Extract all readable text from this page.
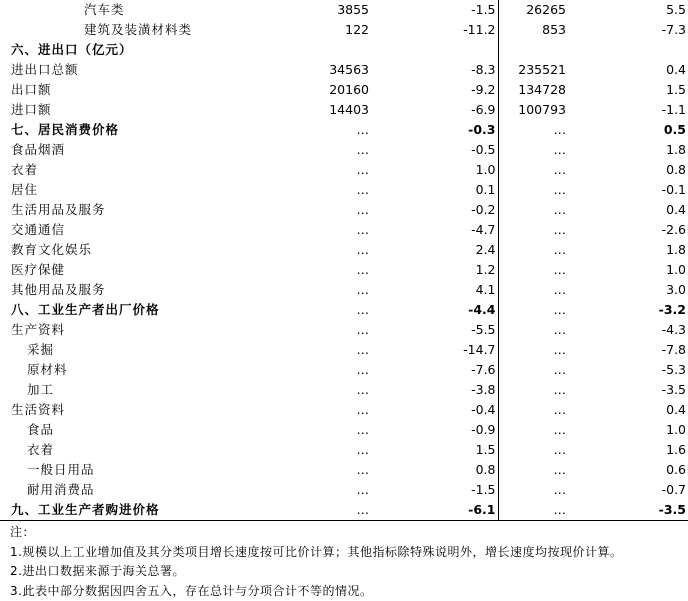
汽车类	3855	-1.5	26265	5.5
建筑及装潢材料类	122	-11.2	853	-7.3
六、进出口（亿元）				
进出口总额	34563	-8.3	235521	0.4
出口额	20160	-9.2	134728	1.5
进口额	14403	-6.9	100793	-1.1
七、居民消费价格	…	-0.3	…	0.5
食品烟酒	…	-0.5	…	1.8
衣着	…	1.0	…	0.8
居住	…	0.1	…	-0.1
生活用品及服务	…	-0.2	…	0.4
交通通信	…	-4.7	…	-2.6
教育文化娱乐	…	2.4	…	1.8
医疗保健	…	1.2	…	1.0
其他用品及服务	…	4.1	…	3.0
八、工业生产者出厂价格	…	-4.4	…	-3.2
生产资料	…	-5.5	…	-4.3
采掘	…	-14.7	…	-7.8
原材料	…	-7.6	…	-5.3
加工	…	-3.8	…	-3.5
生活资料	…	-0.4	…	0.4
食品	…	-0.9	…	1.0
衣着	…	1.5	…	1.6
一般日用品	…	0.8	…	0.6
耐用消费品	…	-1.5	…	-0.7
九、工业生产者购进价格	…	-6.1	…	-3.5
注：
1.规模以上工业增加值及其分类项目增长速度按可比价计算；其他指标除特殊说明外，增长速度均按现价计算。
2.进出口数据来源于海关总署。
3.此表中部分数据因四舍五入，存在总计与分项合计不等的情况。
